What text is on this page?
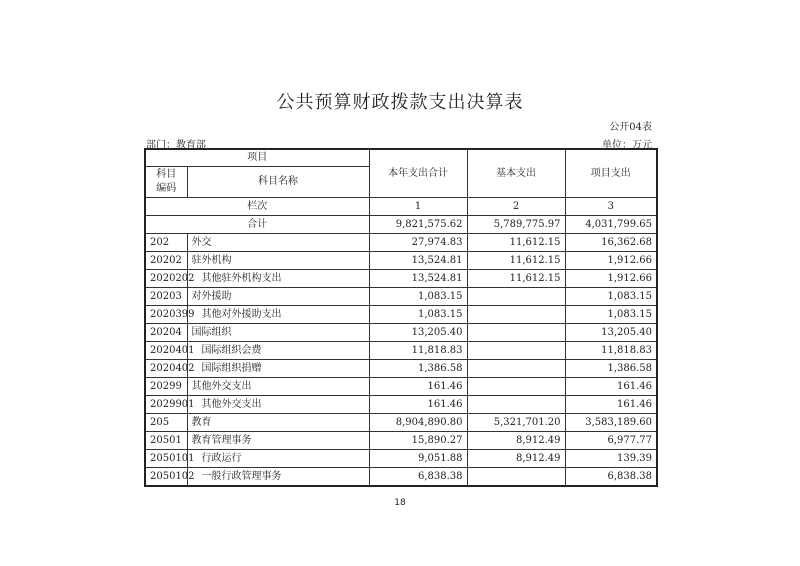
公共预算财政拨款支出决算表
公开04表
部门：教育部	单位：万元
项目		本年支出合计	基本支出	项目支出
科目编码	科目名称			
栏次		1	2	3
合计		9,821,575.62	5,789,775.97	4,031,799.65
202	外交	27,974.83	11,612.15	16,362.68
20202	驻外机构	13,524.81	11,612.15	1,912.66
2020202	其他驻外机构支出	13,524.81	11,612.15	1,912.66
20203	对外援助	1,083.15		1,083.15
2020399	其他对外援助支出	1,083.15		1,083.15
20204	国际组织	13,205.40		13,205.40
2020401	国际组织会费	11,818.83		11,818.83
2020402	国际组织捐赠	1,386.58		1,386.58
20299	其他外交支出	161.46		161.46
2029901	其他外交支出	161.46		161.46
205	教育	8,904,890.80	5,321,701.20	3,583,189.60
20501	教育管理事务	15,890.27	8,912.49	6,977.77
2050101	行政运行	9,051.88	8,912.49	139.39
2050102	一般行政管理事务	6,838.38		6,838.38
18
